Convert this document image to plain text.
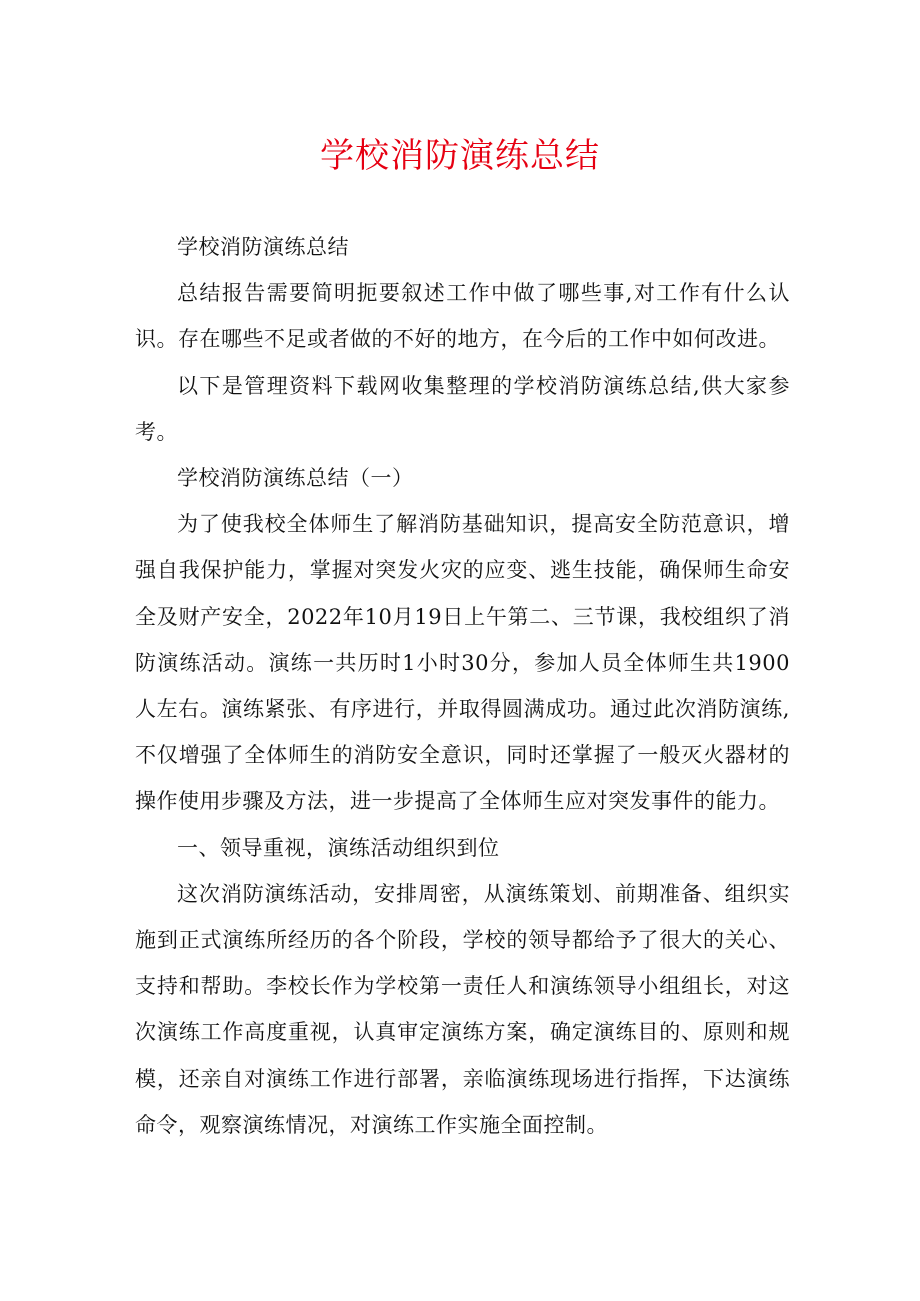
学校消防演练总结

学校消防演练总结

总结报告需要简明扼要叙述工作中做了哪些事,对工作有什么认识。存在哪些不足或者做的不好的地方，在今后的工作中如何改进。

以下是管理资料下载网收集整理的学校消防演练总结,供大家参考。

学校消防演练总结（一）

为了使我校全体师生了解消防基础知识，提高安全防范意识，增强自我保护能力，掌握对突发火灾的应变、逃生技能，确保师生命安全及财产安全，2022年10月19日上午第二、三节课，我校组织了消防演练活动。演练一共历时1小时30分，参加人员全体师生共1900人左右。演练紧张、有序进行，并取得圆满成功。通过此次消防演练,不仅增强了全体师生的消防安全意识，同时还掌握了一般灭火器材的操作使用步骤及方法，进一步提高了全体师生应对突发事件的能力。

一、领导重视，演练活动组织到位

这次消防演练活动，安排周密，从演练策划、前期准备、组织实施到正式演练所经历的各个阶段，学校的领导都给予了很大的关心、支持和帮助。李校长作为学校第一责任人和演练领导小组组长，对这次演练工作高度重视，认真审定演练方案，确定演练目的、原则和规模，还亲自对演练工作进行部署，亲临演练现场进行指挥，下达演练命令，观察演练情况，对演练工作实施全面控制。
